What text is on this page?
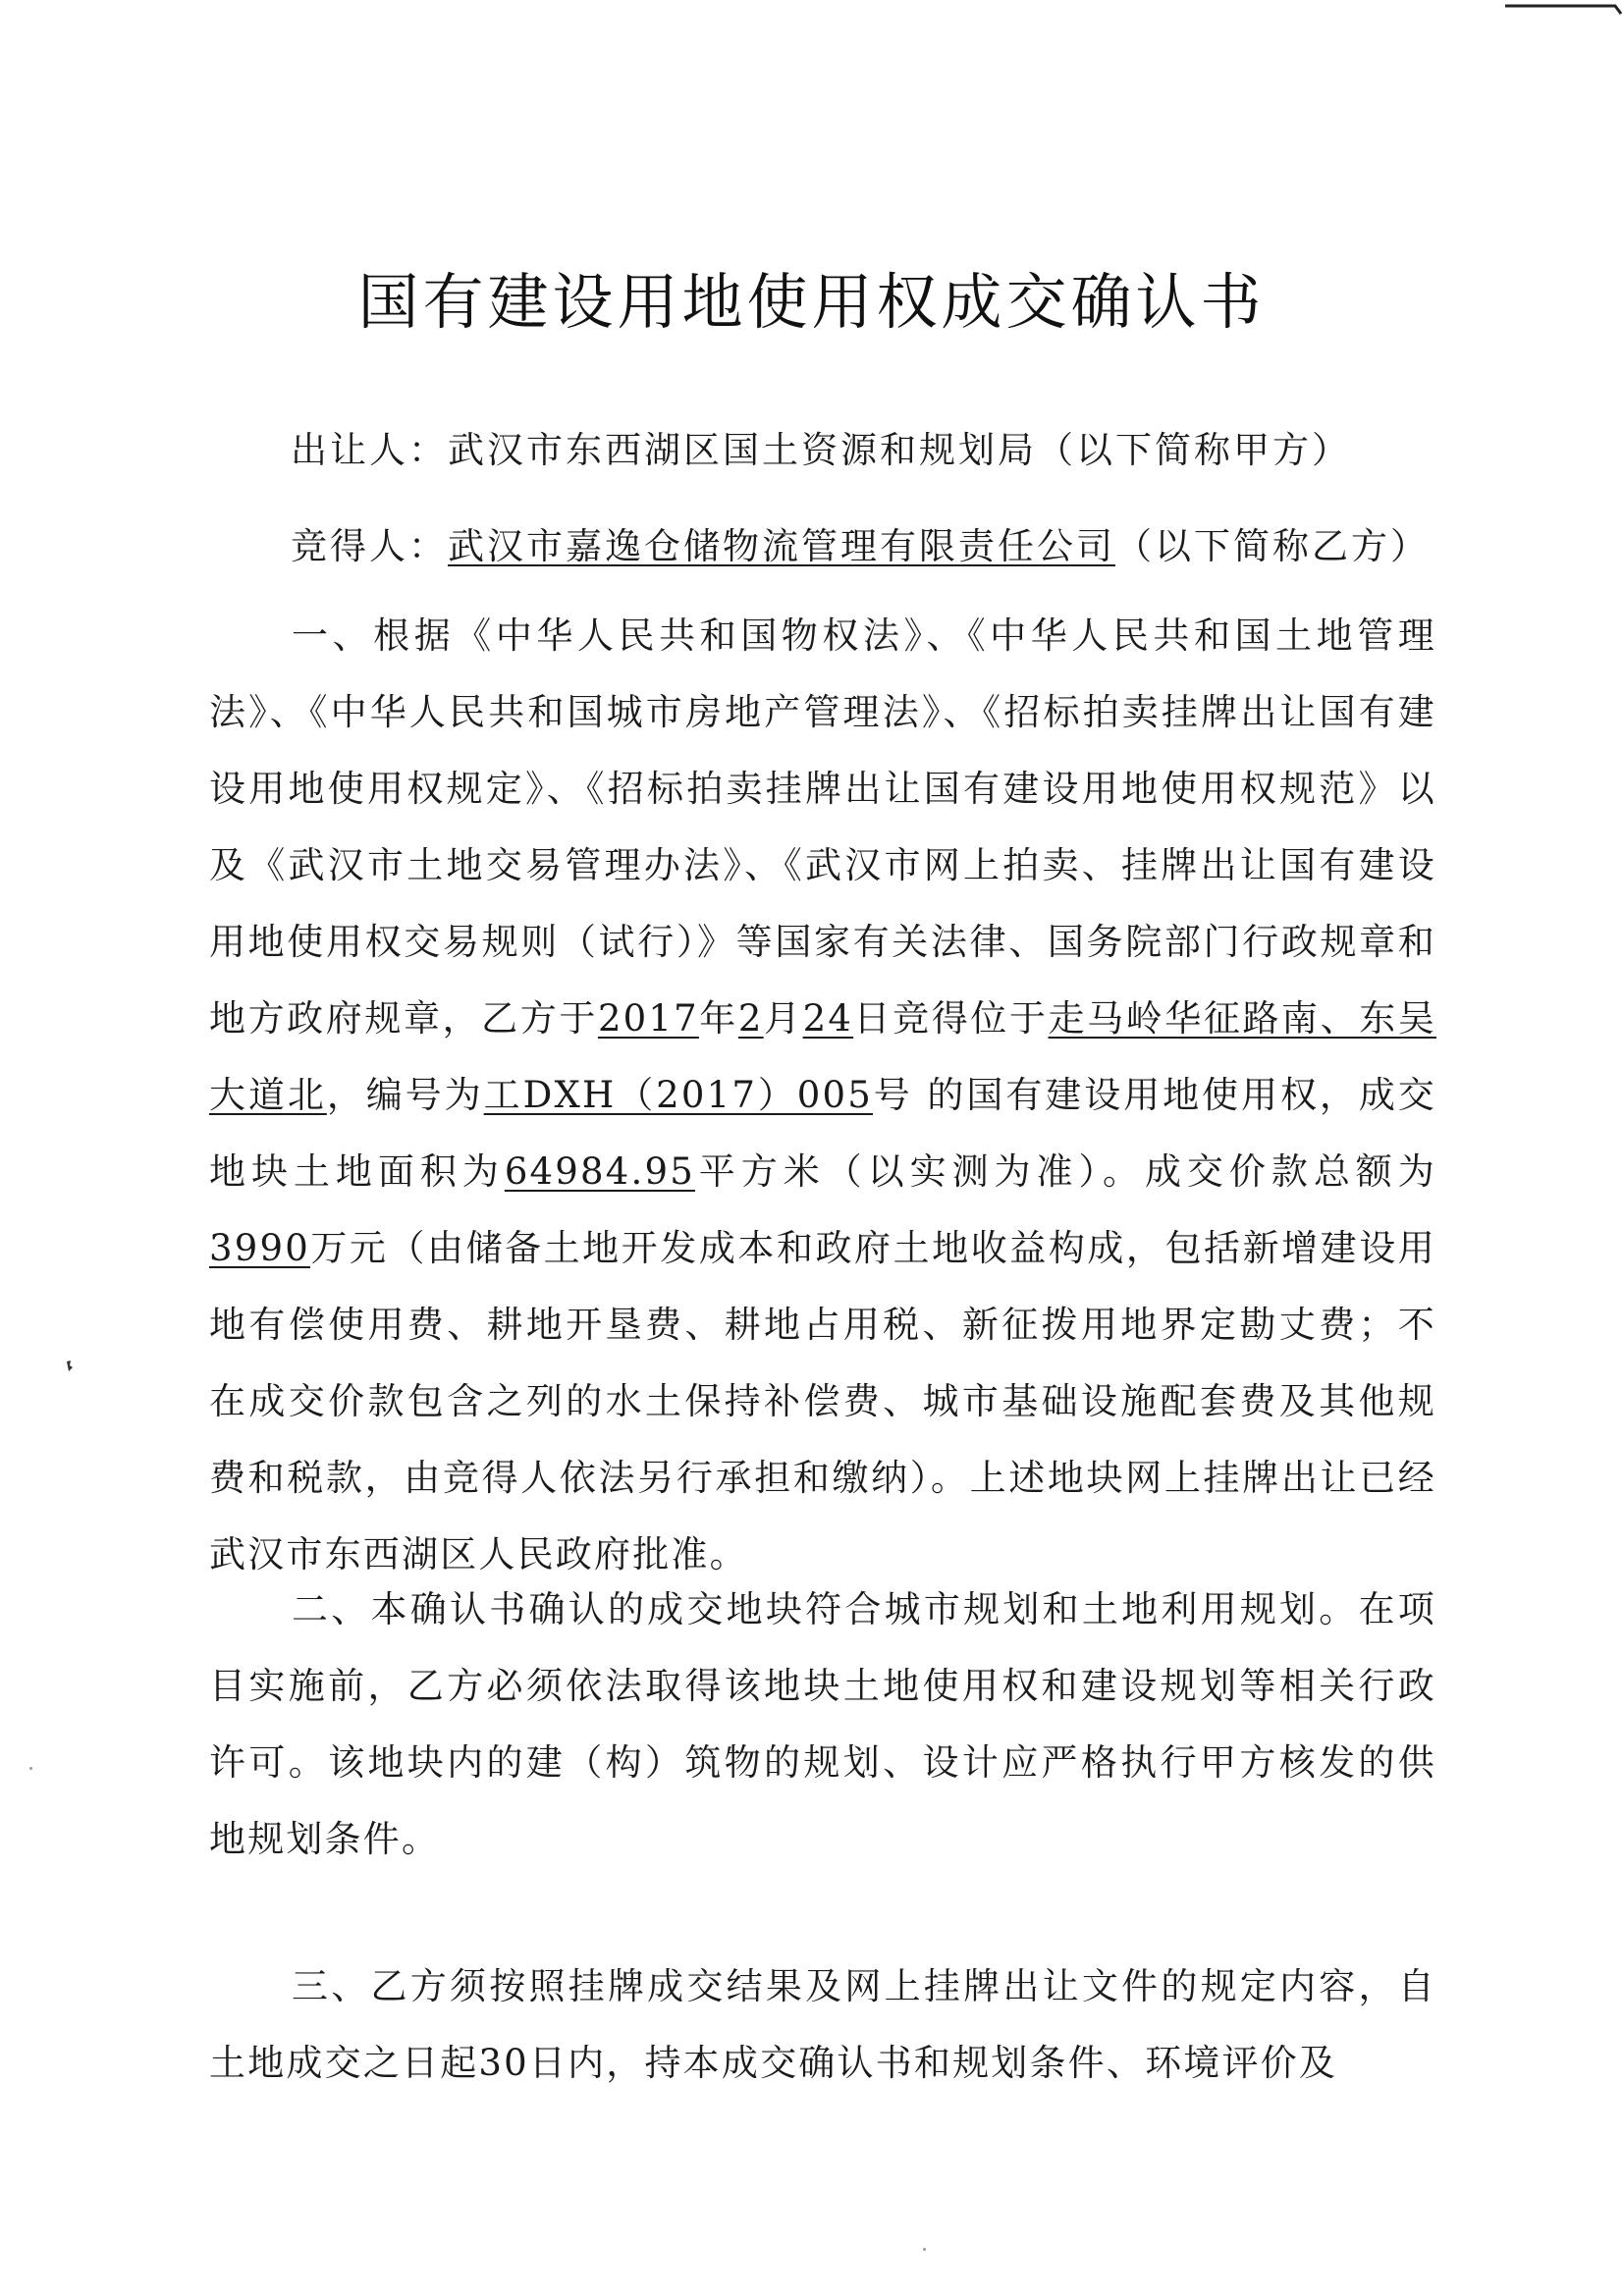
国有建设用地使用权成交确认书
出让人：武汉市东西湖区国土资源和规划局（以下简称甲方）
竞得人：武汉市嘉逸仓储物流管理有限责任公司（以下简称乙方）

一、根据《中华人民共和国物权法》、《中华人民共和国土地管理法》、《中华人民共和国城市房地产管理法》、《招标拍卖挂牌出让国有建设用地使用权规定》、《招标拍卖挂牌出让国有建设用地使用权规范》以及《武汉市土地交易管理办法》、《武汉市网上拍卖、挂牌出让国有建设用地使用权交易规则（试行）》等国家有关法律、国务院部门行政规章和地方政府规章，乙方于2017年2月24日竞得位于走马岭华征路南、东吴大道北，编号为工DXH（2017）005号 的国有建设用地使用权，成交地块土地面积为64984.95平方米（以实测为准）。成交价款总额为3990万元（由储备土地开发成本和政府土地收益构成，包括新增建设用地有偿使用费、耕地开垦费、耕地占用税、新征拨用地界定勘丈费；不在成交价款包含之列的水土保持补偿费、城市基础设施配套费及其他规费和税款，由竞得人依法另行承担和缴纳）。上述地块网上挂牌出让已经武汉市东西湖区人民政府批准。

二、本确认书确认的成交地块符合城市规划和土地利用规划。在项目实施前，乙方必须依法取得该地块土地使用权和建设规划等相关行政许可。该地块内的建（构）筑物的规划、设计应严格执行甲方核发的供地规划条件。

三、乙方须按照挂牌成交结果及网上挂牌出让文件的规定内容，自土地成交之日起30日内，持本成交确认书和规划条件、环境评价及
